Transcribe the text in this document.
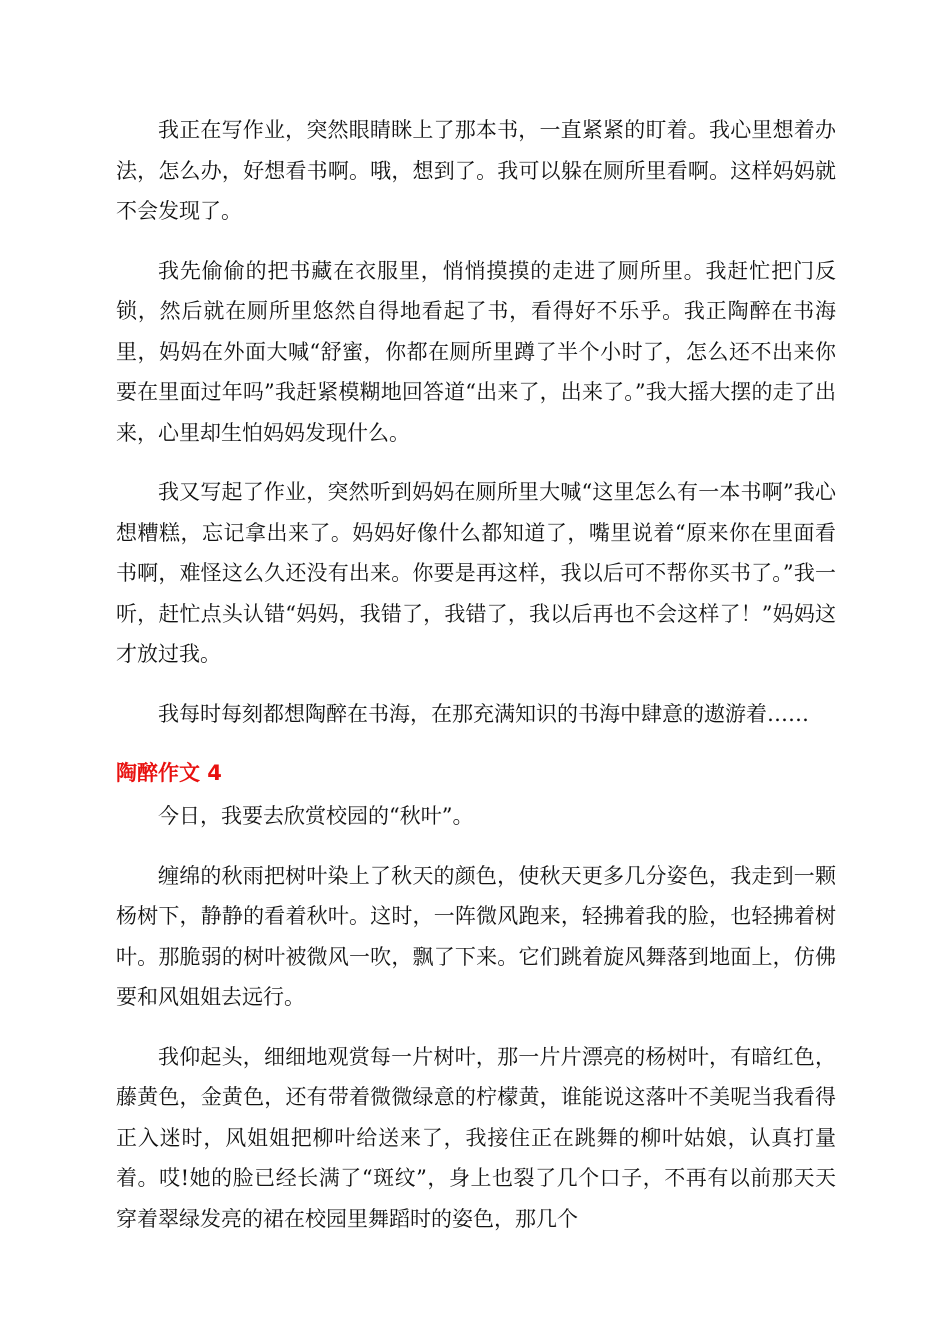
我正在写作业，突然眼睛眯上了那本书，一直紧紧的盯着。我心里想着办法，怎么办，好想看书啊。哦，想到了。我可以躲在厕所里看啊。这样妈妈就不会发现了。

我先偷偷的把书藏在衣服里，悄悄摸摸的走进了厕所里。我赶忙把门反锁，然后就在厕所里悠然自得地看起了书，看得好不乐乎。我正陶醉在书海里，妈妈在外面大喊“舒蜜，你都在厕所里蹲了半个小时了，怎么还不出来你要在里面过年吗”我赶紧模糊地回答道“出来了，出来了。”我大摇大摆的走了出来，心里却生怕妈妈发现什么。

我又写起了作业，突然听到妈妈在厕所里大喊“这里怎么有一本书啊”我心想糟糕，忘记拿出来了。妈妈好像什么都知道了，嘴里说着“原来你在里面看书啊，难怪这么久还没有出来。你要是再这样，我以后可不帮你买书了。”我一听，赶忙点头认错“妈妈，我错了，我错了，我以后再也不会这样了！”妈妈这才放过我。

我每时每刻都想陶醉在书海，在那充满知识的书海中肆意的遨游着……

陶醉作文 4

今日，我要去欣赏校园的“秋叶”。

缠绵的秋雨把树叶染上了秋天的颜色，使秋天更多几分姿色，我走到一颗杨树下，静静的看着秋叶。这时，一阵微风跑来，轻拂着我的脸，也轻拂着树叶。那脆弱的树叶被微风一吹，飘了下来。它们跳着旋风舞落到地面上，仿佛要和风姐姐去远行。

我仰起头，细细地观赏每一片树叶，那一片片漂亮的杨树叶，有暗红色，藤黄色，金黄色，还有带着微微绿意的柠檬黄，谁能说这落叶不美呢当我看得正入迷时，风姐姐把柳叶给送来了，我接住正在跳舞的柳叶姑娘，认真打量着。哎!她的脸已经长满了“斑纹”，身上也裂了几个口子，不再有以前那天天穿着翠绿发亮的裙在校园里舞蹈时的姿色，那几个
